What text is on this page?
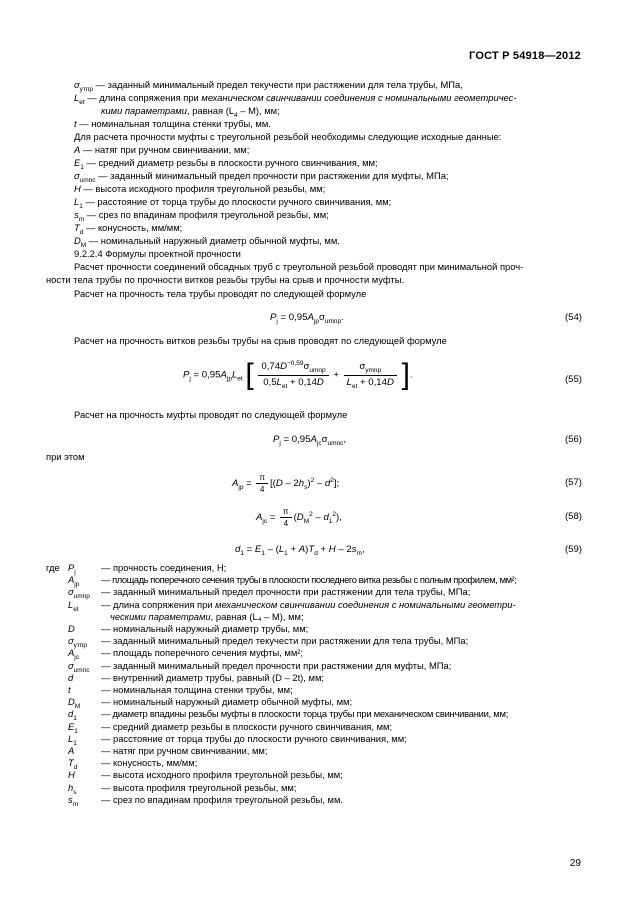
ГОСТ Р 54918—2012
$\sigma_{утпр}$ — заданный минимальный предел текучести при растяжении для тела трубы, МПа,
$L_{et}$ — длина сопряжения при механическом свинчивании соединения с номинальными геометричес-
кими параметрами, равная $(L_4 - M)$, мм;
t — номинальная толщина стенки трубы, мм.
Для расчета прочности муфты с треугольной резьбой необходимы следующие исходные данные:
A — натяг при ручном свинчивании, мм;
$E_1$ — средний диаметр резьбы в плоскости ручного свинчивания, мм;
$\sigma_{umnc}$ — заданный минимальный предел прочности при растяжении для муфты, МПа;
H — высота исходного профиля треугольной резьбы, мм;
$L_1$ — расстояние от торца трубы до плоскости ручного свинчивания, мм;
$s_m$ — срез по впадинам профиля треугольной резьбы, мм;
$T_d$ — конусность, мм/мм;
$D_M$ — номинальный наружный диаметр обычной муфты, мм.
9.2.2.4 Формулы проектной прочности
Расчет прочности соединений обсадных труб с треугольной резьбой проводят при минимальной проч-
ности тела трубы по прочности витков резьбы трубы на срыв и прочности муфты.
Расчет на прочность тела трубы проводят по следующей формуле
$P_j = 0,95A_{jp}\sigma_{umnp}$.	(54)
Расчет на прочность витков резьбы трубы на срыв проводят по следующей формуле
$P_j = 0,95A_{jp}L_{et}$ [ $\frac{0,74D^{-0,59}\sigma_{umnp}}{0,5L_{et} + 0,14D} + \frac{\sigma_{ymnp}}{L_{et} + 0,14D}$ ].	(55)
Расчет на прочность муфты проводят по следующей формуле
$P_j = 0,95A_{jc}\sigma_{umnc}$,	(56)
при этом
$A_{jp} = \frac{\pi}{4} [(D - 2h_s)^2 - d^2]$;	(57)
$A_{jc} = \frac{\pi}{4} (D_M^2 - d_1^2)$,	(58)
$d_1 = E_1 - (L_1 + A)T_d + H - 2s_m$,	(59)
где $P_j$	— прочность соединения, Н;
$A_{jp}$	— площадь поперечного сечения трубы в плоскости последнего витка резьбы с полным профилем, мм²;
$\sigma_{umnp}$	— заданный минимальный предел прочности при растяжении для тела трубы, МПа;
$L_{et}$	— длина сопряжения при механическом свинчивании соединения с номинальными геометри-
ческими параметрами, равная (L₄ – M), мм;
D	— номинальный наружный диаметр трубы, мм;
$\sigma_{утпр}$	— заданный минимальный предел текучести при растяжении для тела трубы, МПа;
$A_{jc}$	— площадь поперечного сечения муфты, мм²;
$\sigma_{umnc}$	— заданный минимальный предел прочности при растяжении для муфты, МПа;
d	— внутренний диаметр трубы, равный (D – 2t), мм;
t	— номинальная толщина стенки трубы, мм;
$D_M$	— номинальный наружный диаметр обычной муфты, мм;
$d_1$	— диаметр впадины резьбы муфты в плоскости торца трубы при механическом свинчивании, мм;
$E_1$	— средний диаметр резьбы в плоскости ручного свинчивания, мм;
$L_1$	— расстояние от торца трубы до плоскости ручного свинчивания, мм;
A	— натяг при ручном свинчивании, мм;
$T_d$	— конусность, мм/мм;
H	— высота исходного профиля треугольной резьбы, мм;
$h_s$	— высота профиля треугольной резьбы, мм;
$s_m$	— срез по впадинам профиля треугольной резьбы, мм.
29
